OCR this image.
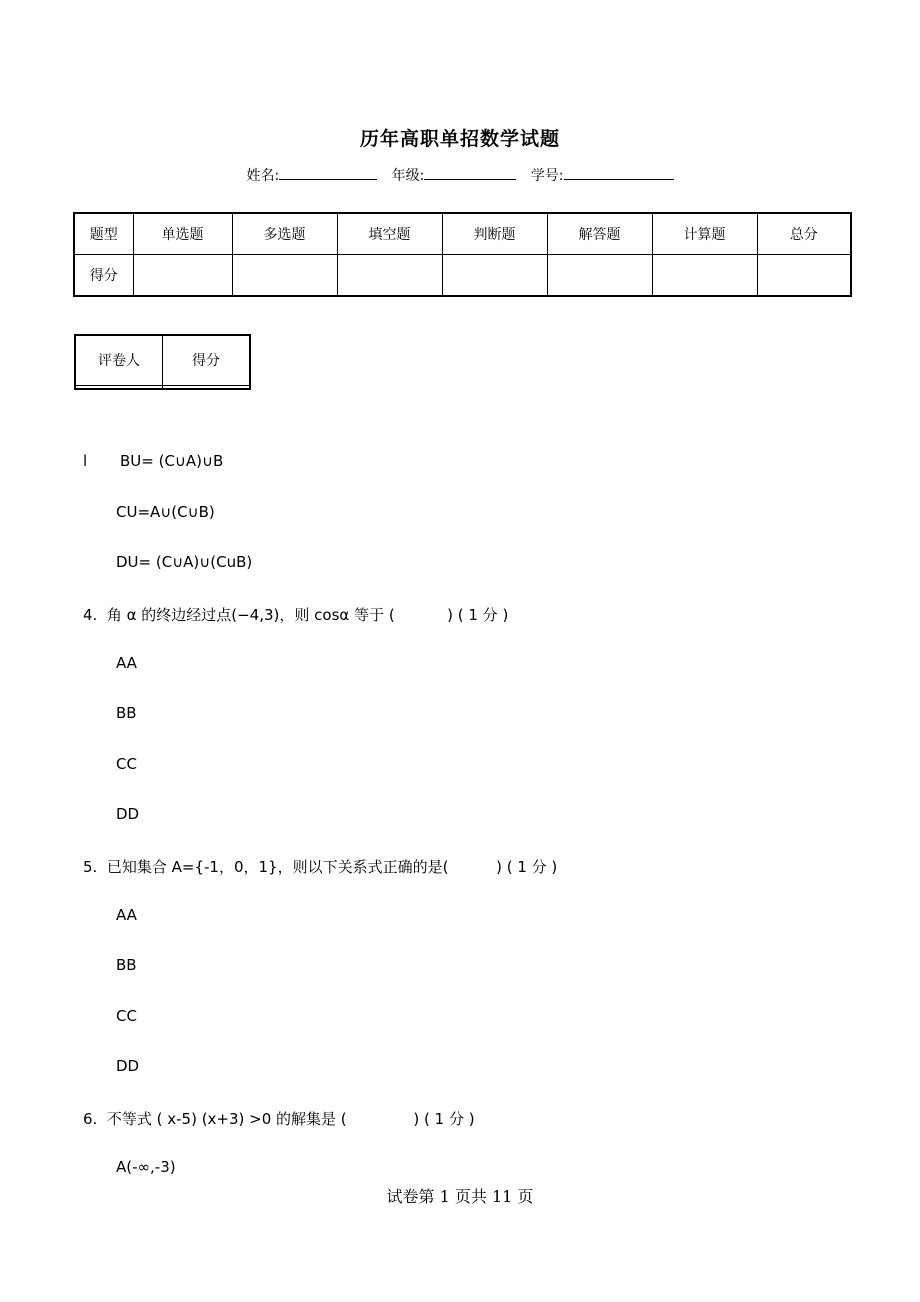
历年高职单招数学试题
姓名:	年级:	学号:
题型	单选题	多选题	填空题	判断题	解答题	计算题	总分
得分							
评卷人	得分

l BU= (C∪A)∪B
CU=A∪(C∪B)
DU= (C∪A)∪(CuB)
4.  角 α 的终边经过点(−4,3)，则 cosα 等于 (           ) ( 1 分 )
AA
BB
CC
DD
5.  已知集合 A={-1，0，1}，则以下关系式正确的是(          ) ( 1 分 )
AA
BB
CC
DD
6.  不等式 ( x-5) (x+3) >0 的解集是 (              ) ( 1 分 )
A(-∞,-3)
试卷第 1 页共 11 页
